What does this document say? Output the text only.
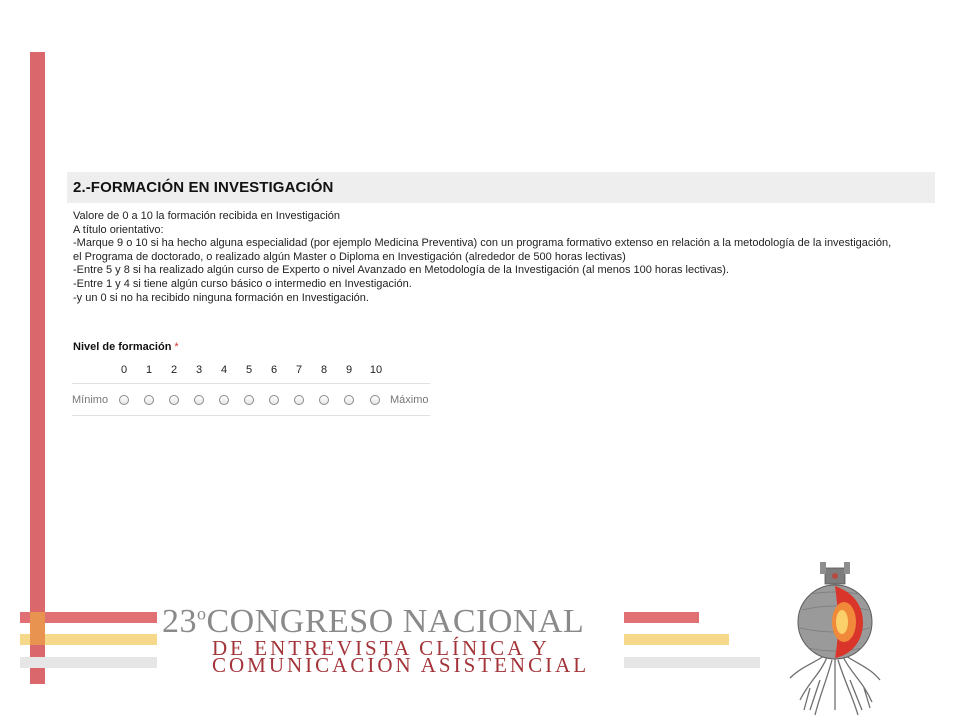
2.-FORMACIÓN EN INVESTIGACIÓN
Valore de 0 a 10 la formación recibida en Investigación
A título orientativo:
-Marque 9 o 10 si ha hecho alguna especialidad (por ejemplo Medicina Preventiva) con un programa formativo extenso en relación a la metodología de la investigación,
el Programa de doctorado, o realizado algún Master o Diploma en Investigación (alrededor de 500 horas lectivas)
-Entre 5 y 8 si ha realizado algún curso de Experto o nivel Avanzado en Metodología de la Investigación (al menos 100 horas lectivas).
-Entre 1 y 4 si tiene algún curso básico o intermedio en Investigación.
-y un 0 si no ha recibido ninguna formación en Investigación.
Nivel de formación *
0	1	2	3	4	5	6	7	8	9	10
Mínimo	Máximo
23$^o$CONGRESO NACIONAL
DE ENTREVISTA CLÍNICA Y
COMUNICACIÓN ASISTENCIAL
